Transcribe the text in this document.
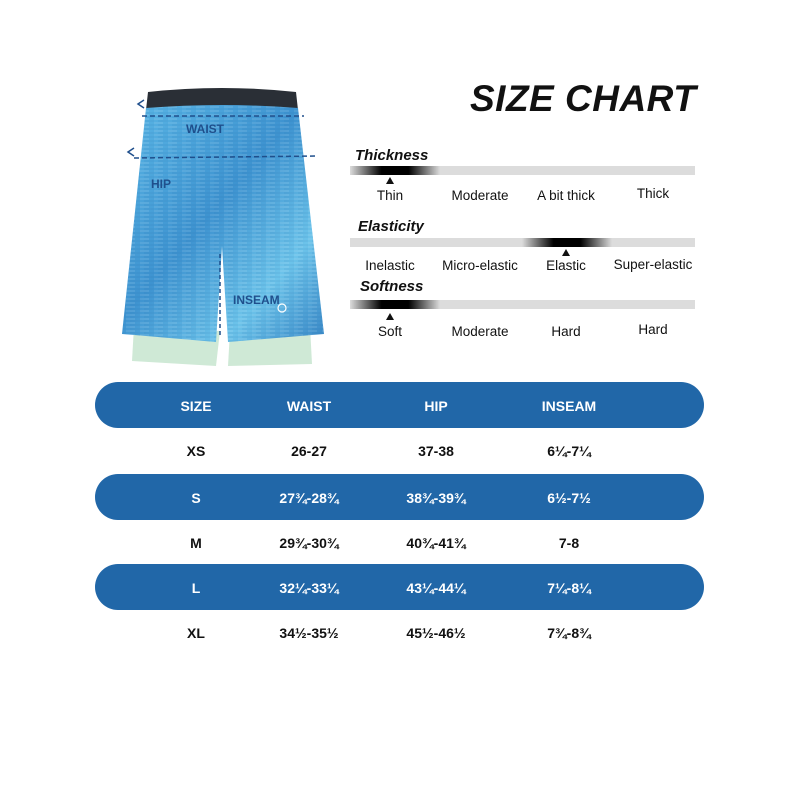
SIZE CHART
WAIST
HIP
INSEAM
Thickness
Thin	Moderate	A bit thick	Thick
Elasticity
Inelastic	Micro-elastic	Elastic	Super-elastic
Softness
Soft	Moderate	Hard	Hard
SIZE	WAIST	HIP	INSEAM
XS	26-27	37-38	6¼-7¼
S	27¾-28¾	38¾-39¾	6½-7½
M	29¾-30¾	40¾-41¾	7-8
L	32¼-33¼	43¼-44¼	7¼-8¼
XL	34½-35½	45½-46½	7¾-8¾
